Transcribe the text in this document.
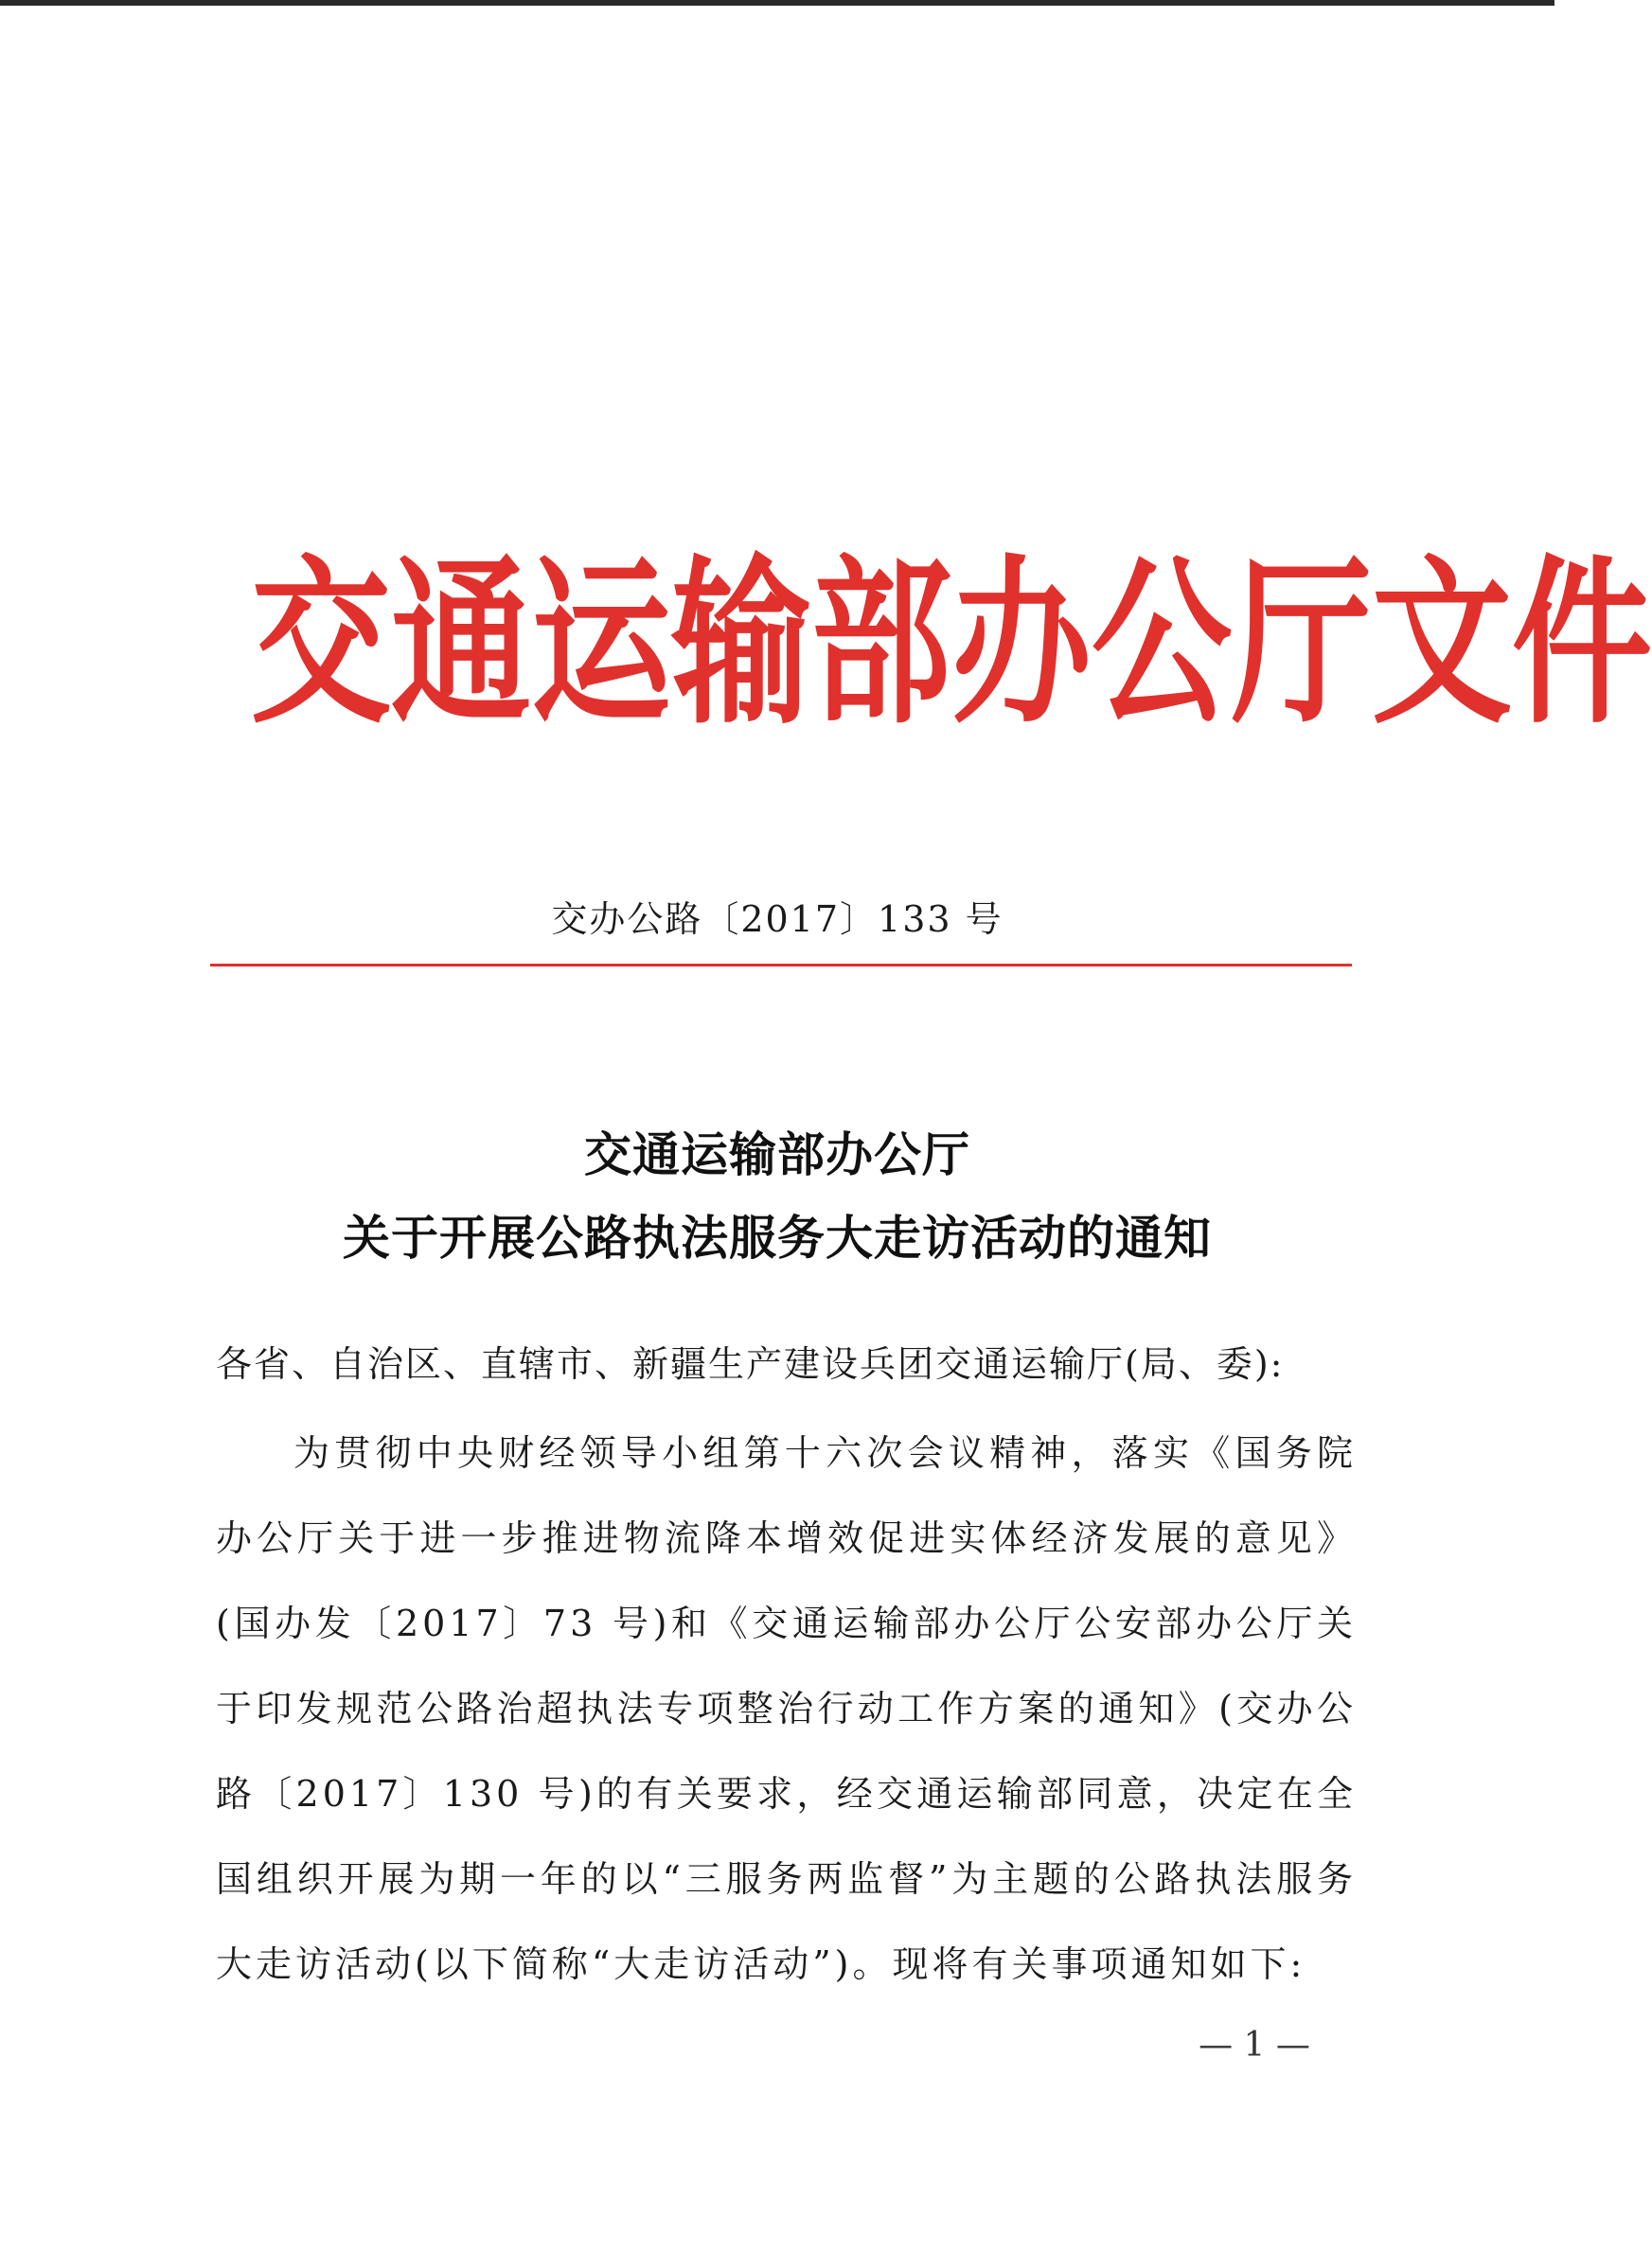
交 通 运 输 部 办 公 厅 文 件
交办公路〔2017〕133 号
交通运输部办公厅
关于开展公路执法服务大走访活动的通知
各省、自治区、直辖市、新疆生产建设兵团交通运输厅(局、委):
为贯彻中央财经领导小组第十六次会议精神，落实《国务院办公厅关于进一步推进物流降本增效促进实体经济发展的意见》(国办发〔2017〕73 号)和《交通运输部办公厅公安部办公厅关于印发规范公路治超执法专项整治行动工作方案的通知》(交办公路〔2017〕130 号)的有关要求，经交通运输部同意，决定在全国组织开展为期一年的以“三服务两监督”为主题的公路执法服务大走访活动(以下简称“大走访活动”)。现将有关事项通知如下:
— 1 —
